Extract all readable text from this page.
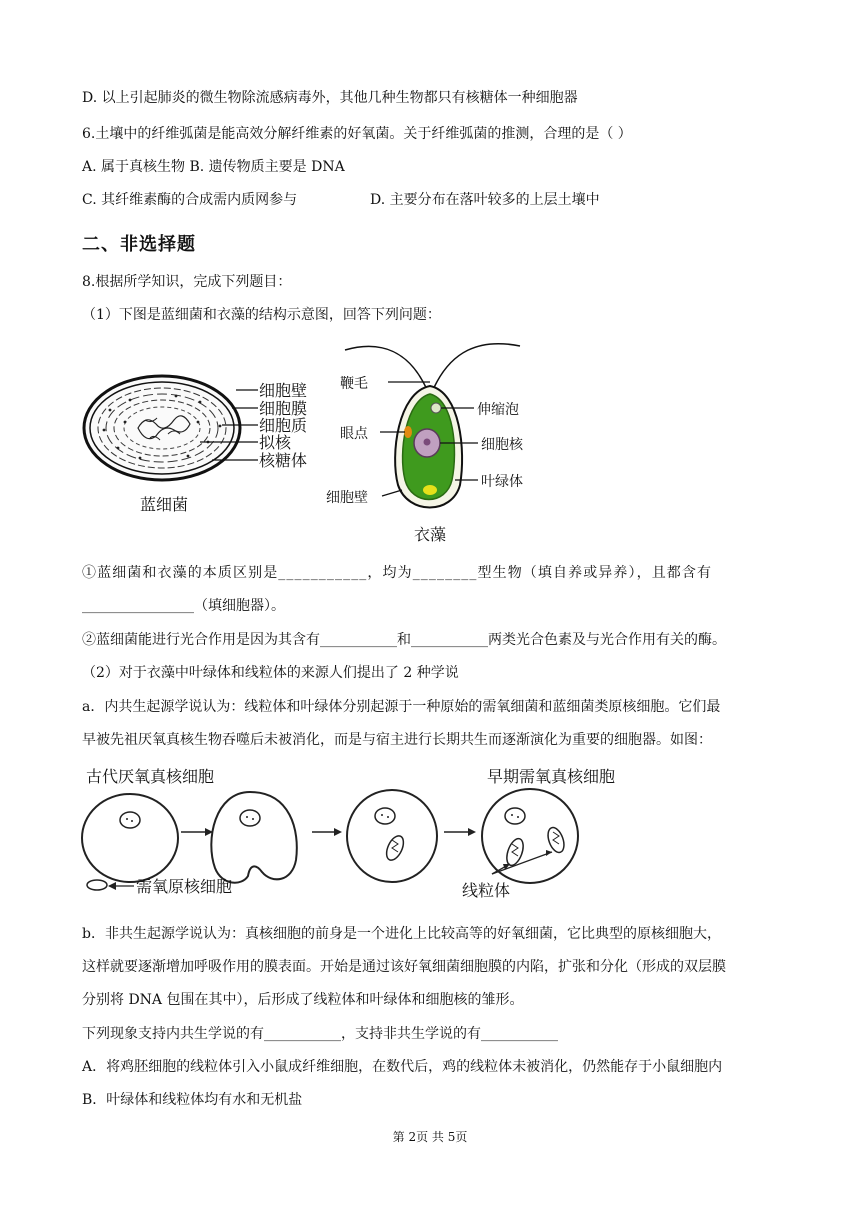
D. 以上引起肺炎的微生物除流感病毒外，其他几种生物都只有核糖体一种细胞器
6.土壤中的纤维弧菌是能高效分解纤维素的好氧菌。关于纤维弧菌的推测，合理的是（ ）
A. 属于真核生物 B. 遗传物质主要是 DNA
C. 其纤维素酶的合成需内质网参与	D. 主要分布在落叶较多的上层土壤中
二、非选择题
8.根据所学知识，完成下列题目：
（1）下图是蓝细菌和衣藻的结构示意图，回答下列问题：
细胞壁
细胞膜
细胞质
拟核
核糖体
蓝细菌
鞭毛
眼点
细胞壁
伸缩泡
细胞核
叶绿体
衣藻
①蓝细菌和衣藻的本质区别是___________，均为________型生物（填自养或异养），且都含有
________________（填细胞器）。
②蓝细菌能进行光合作用是因为其含有___________和___________两类光合色素及与光合作用有关的酶。
（2）对于衣藻中叶绿体和线粒体的来源人们提出了 2 种学说
a．内共生起源学说认为：线粒体和叶绿体分别起源于一种原始的需氧细菌和蓝细菌类原核细胞。它们最
早被先祖厌氧真核生物吞噬后未被消化，而是与宿主进行长期共生而逐渐演化为重要的细胞器。如图：
古代厌氧真核细胞	早期需氧真核细胞
线粒体
需氧原核细胞
b．非共生起源学说认为：真核细胞的前身是一个进化上比较高等的好氧细菌，它比典型的原核细胞大，
这样就要逐渐增加呼吸作用的膜表面。开始是通过该好氧细菌细胞膜的内陷，扩张和分化（形成的双层膜
分别将 DNA 包围在其中），后形成了线粒体和叶绿体和细胞核的雏形。
下列现象支持内共生学说的有___________，支持非共生学说的有___________
A．将鸡胚细胞的线粒体引入小鼠成纤维细胞，在数代后，鸡的线粒体未被消化，仍然能存于小鼠细胞内
B．叶绿体和线粒体均有水和无机盐
第 2页 共 5页
